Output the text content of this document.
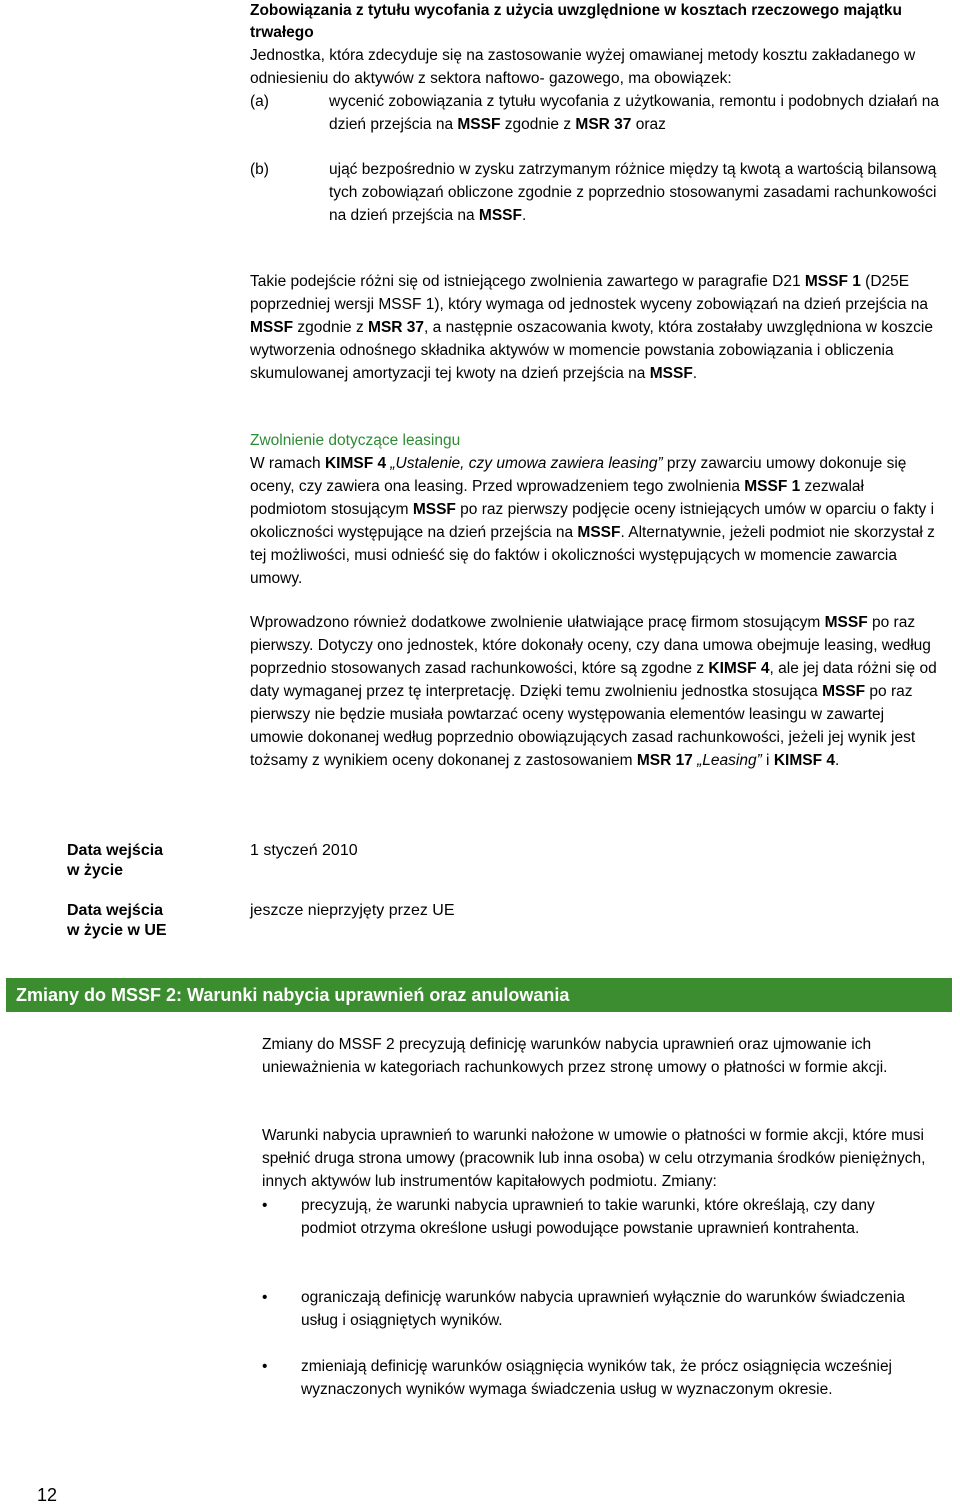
Zobowiązania z tytułu wycofania z użycia uwzględnione w kosztach rzeczowego majątku trwałego
Jednostka, która zdecyduje się na zastosowanie wyżej omawianej metody kosztu zakładanego w odniesieniu do aktywów z sektora naftowo- gazowego, ma obowiązek:
(a)	wycenić zobowiązania z tytułu wycofania z użytkowania, remontu i podobnych działań na dzień przejścia na MSSF zgodnie z MSR 37 oraz
(b)	ująć bezpośrednio w zysku zatrzymanym różnice między tą kwotą a wartością bilansową tych zobowiązań obliczone zgodnie z poprzednio stosowanymi zasadami rachunkowości na dzień przejścia na MSSF.
Takie podejście różni się od istniejącego zwolnienia zawartego w paragrafie D21 MSSF 1 (D25E poprzedniej wersji MSSF 1), który wymaga od jednostek wyceny zobowiązań na dzień przejścia na MSSF zgodnie z MSR 37, a następnie oszacowania kwoty, która zostałaby uwzględniona w koszcie wytworzenia odnośnego składnika aktywów w momencie powstania zobowiązania i obliczenia skumulowanej amortyzacji tej kwoty na dzień przejścia na MSSF.
Zwolnienie dotyczące leasingu
W ramach KIMSF 4 „Ustalenie, czy umowa zawiera leasing” przy zawarciu umowy dokonuje się oceny, czy zawiera ona leasing. Przed wprowadzeniem tego zwolnienia MSSF 1 zezwalał podmiotom stosującym MSSF po raz pierwszy podjęcie oceny istniejących umów w oparciu o fakty i okoliczności występujące na dzień przejścia na MSSF. Alternatywnie, jeżeli podmiot nie skorzystał z tej możliwości, musi odnieść się do faktów i okoliczności występujących w momencie zawarcia umowy.
Wprowadzono również dodatkowe zwolnienie ułatwiające pracę firmom stosującym MSSF po raz pierwszy. Dotyczy ono jednostek, które dokonały oceny, czy dana umowa obejmuje leasing, według poprzednio stosowanych zasad rachunkowości, które są zgodne z KIMSF 4, ale jej data różni się od daty wymaganej przez tę interpretację. Dzięki temu zwolnieniu jednostka stosująca MSSF po raz pierwszy nie będzie musiała powtarzać oceny występowania elementów leasingu w zawartej umowie dokonanej według poprzednio obowiązujących zasad rachunkowości, jeżeli jej wynik jest tożsamy z wynikiem oceny dokonanej z zastosowaniem MSR 17 „Leasing” i KIMSF 4.
Data wejścia
w życie
1 styczeń 2010
Data wejścia
w życie w UE
jeszcze nieprzyjęty przez UE
Zmiany do MSSF 2: Warunki nabycia uprawnień oraz anulowania
Zmiany do MSSF 2 precyzują definicję warunków nabycia uprawnień oraz ujmowanie ich unieważnienia w kategoriach rachunkowych przez stronę umowy o płatności w formie akcji.
Warunki nabycia uprawnień to warunki nałożone w umowie o płatności w formie akcji, które musi spełnić druga strona umowy (pracownik lub inna osoba) w celu otrzymania środków pieniężnych, innych aktywów lub instrumentów kapitałowych podmiotu. Zmiany:
• precyzują, że warunki nabycia uprawnień to takie warunki, które określają, czy dany podmiot otrzyma określone usługi powodujące powstanie uprawnień kontrahenta.
• ograniczają definicję warunków nabycia uprawnień wyłącznie do warunków świadczenia usług i osiągniętych wyników.
• zmieniają definicję warunków osiągnięcia wyników tak, że prócz osiągnięcia wcześniej wyznaczonych wyników wymaga świadczenia usług w wyznaczonym okresie.
12
